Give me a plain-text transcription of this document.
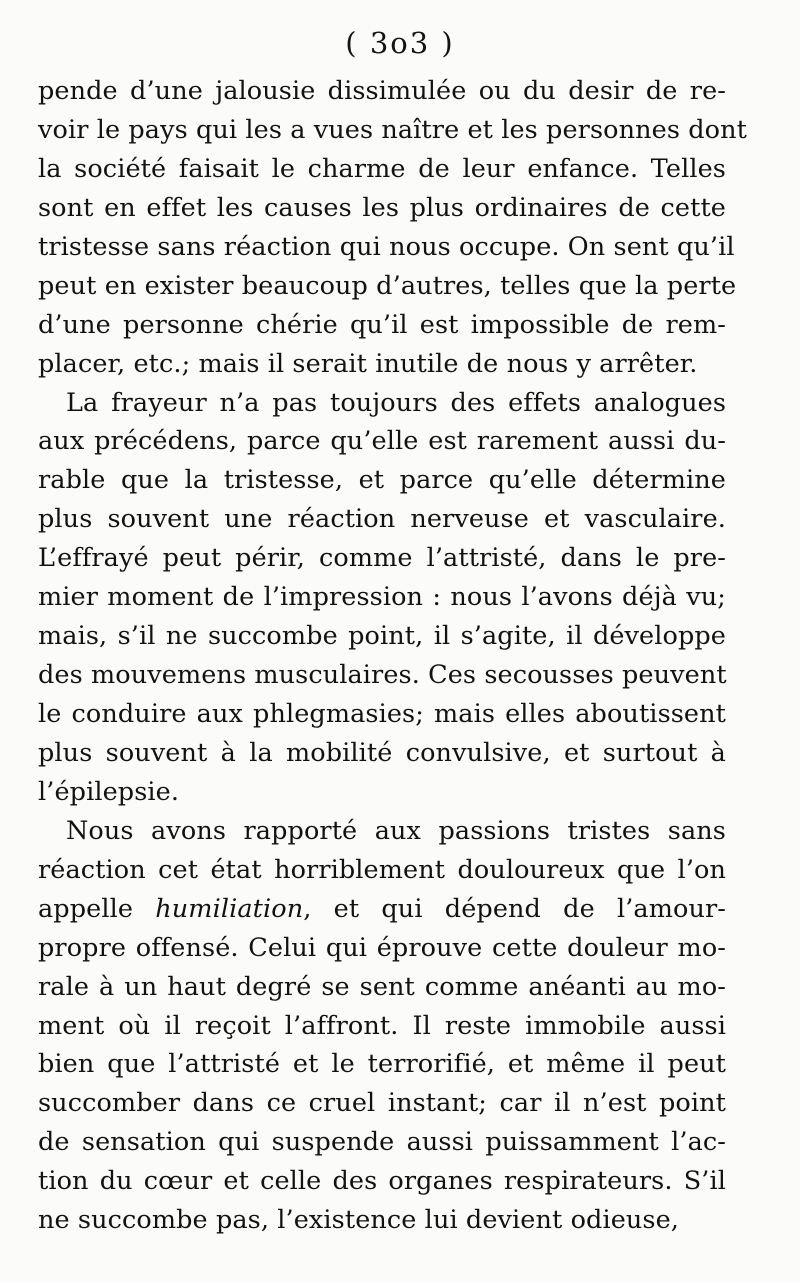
( 3o3 )
pende d’une jalousie dissimulée ou du desir de re-
voir le pays qui les a vues naître et les personnes dont
la société faisait le charme de leur enfance. Telles
sont en effet les causes les plus ordinaires de cette
tristesse sans réaction qui nous occupe. On sent qu’il
peut en exister beaucoup d’autres, telles que la perte
d’une personne chérie qu’il est impossible de rem-
placer, etc.; mais il serait inutile de nous y arrêter.
La frayeur n’a pas toujours des effets analogues
aux précédens, parce qu’elle est rarement aussi du-
rable que la tristesse, et parce qu’elle détermine
plus souvent une réaction nerveuse et vasculaire.
L’effrayé peut périr, comme l’attristé, dans le pre-
mier moment de l’impression : nous l’avons déjà vu;
mais, s’il ne succombe point, il s’agite, il développe
des mouvemens musculaires. Ces secousses peuvent
le conduire aux phlegmasies; mais elles aboutissent
plus souvent à la mobilité convulsive, et surtout à
l’épilepsie.
Nous avons rapporté aux passions tristes sans
réaction cet état horriblement douloureux que l’on
appelle humiliation, et qui dépend de l’amour-
propre offensé. Celui qui éprouve cette douleur mo-
rale à un haut degré se sent comme anéanti au mo-
ment où il reçoit l’affront. Il reste immobile aussi
bien que l’attristé et le terrorifié, et même il peut
succomber dans ce cruel instant; car il n’est point
de sensation qui suspende aussi puissamment l’ac-
tion du cœur et celle des organes respirateurs. S’il
ne succombe pas, l’existence lui devient odieuse,
